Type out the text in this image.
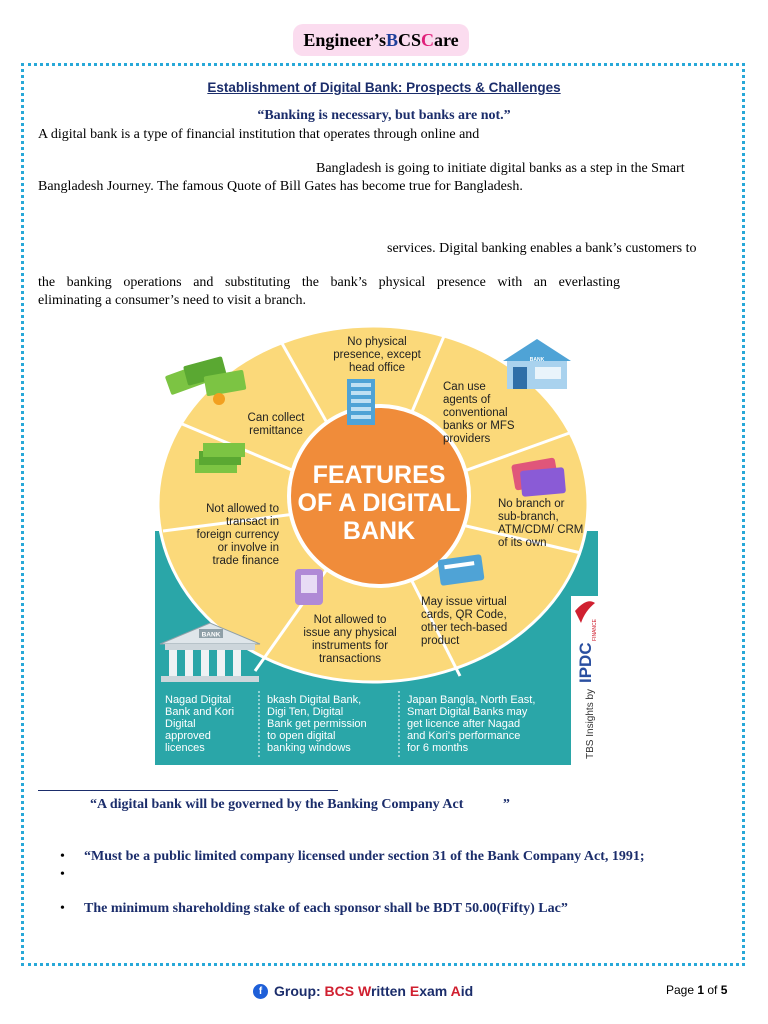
Engineer’s B CS C are
Establishment of Digital Bank: Prospects & Challenges
“Banking is necessary, but banks are not.”
A digital bank is a type of financial institution that operates through online and
Bangladesh is going to initiate digital banks as a step in the Smart
Bangladesh Journey. The famous Quote of Bill Gates has become true for Bangladesh.
services. Digital banking enables a bank’s customers to
the banking operations and substituting the bank’s physical presence with an everlasting
eliminating a consumer’s need to visit a branch.
FEATURES
OF A DIGITAL
BANK
No physical
presence, except
head office
Can use
agents of
conventional
banks or MFS
providers
No branch or
sub-branch,
ATM/CDM/ CRM
of its own
May issue virtual
cards, QR Code,
other tech-based
product
Not allowed to
issue any physical
instruments for
transactions
Not allowed to
transact in
foreign currency
or involve in
trade finance
Can collect
remittance
BANK
BANK
Nagad Digital
Bank and Kori
Digital
approved
licences
bkash Digital Bank,
Digi Ten, Digital
Bank get permission
to open digital
banking windows
Japan Bangla, North East,
Smart Digital Banks may
get licence after Nagad
and Kori's performance
for 6 months	TBS Insights by
IPDC
FINANCE
“A digital bank will be governed by the Banking Company Act	”
• “Must be a public limited company licensed under section 31 of the Bank Company Act, 1991;
•
• The minimum shareholding stake of each sponsor shall be BDT 50.00(Fifty) Lac”
f Group: BCS Written Exam Aid	Page 1 of 5
